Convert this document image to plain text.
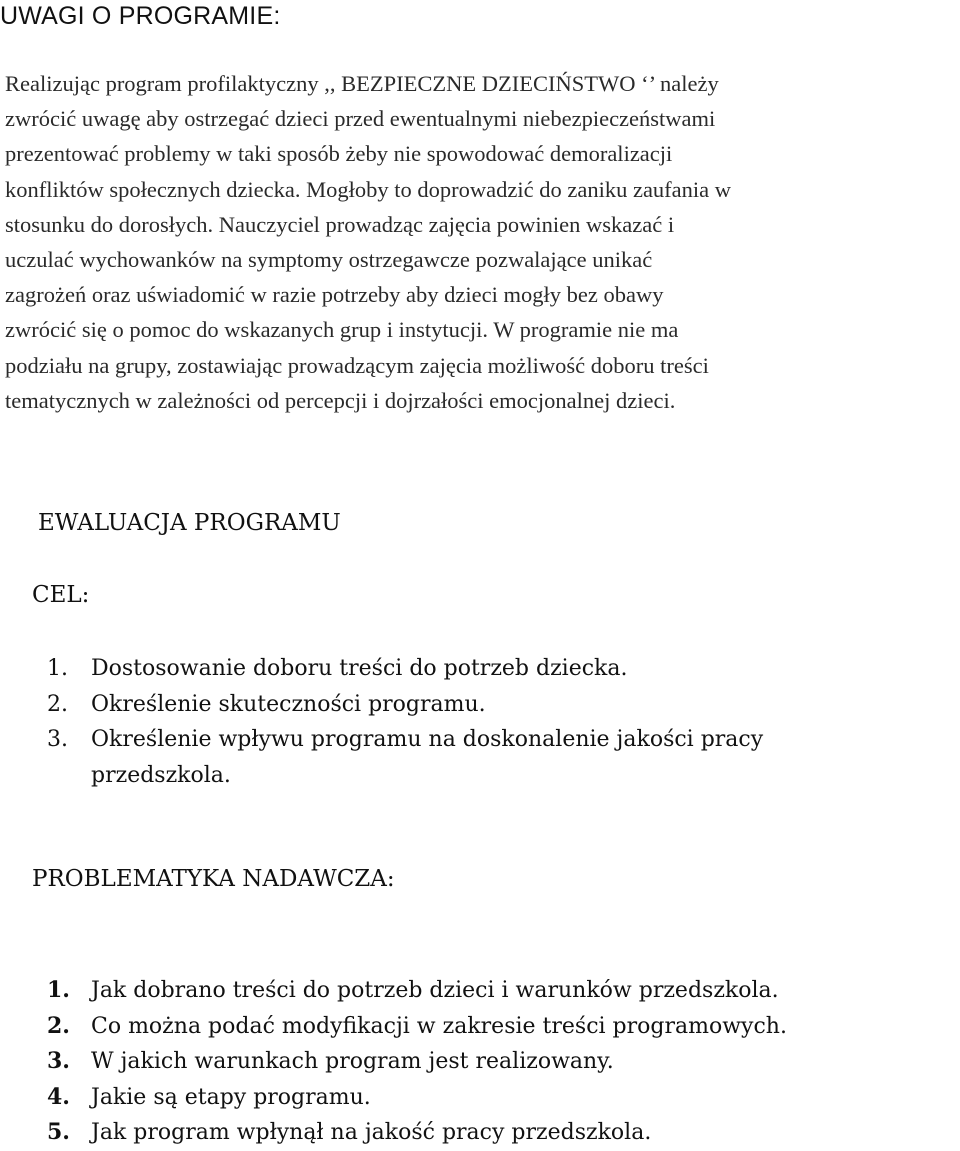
UWAGI O PROGRAMIE:

Realizując program profilaktyczny ,, BEZPIECZNE DZIECIŃSTWO ‘’ należy
zwrócić uwagę aby ostrzegać dzieci przed ewentualnymi niebezpieczeństwami
prezentować problemy w taki sposób żeby nie spowodować demoralizacji
konfliktów społecznych dziecka. Mogłoby to doprowadzić do zaniku zaufania w
stosunku do dorosłych. Nauczyciel prowadząc zajęcia powinien wskazać i
uczulać wychowanków na symptomy ostrzegawcze pozwalające unikać
zagrożeń oraz uświadomić w razie potrzeby aby dzieci mogły bez obawy
zwrócić się o pomoc do wskazanych grup i instytucji. W programie nie ma
podziału na grupy, zostawiając prowadzącym zajęcia możliwość doboru treści
tematycznych w zależności od percepcji i dojrzałości emocjonalnej dzieci.

EWALUACJA PROGRAMU
CEL:
1.	Dostosowanie doboru treści do potrzeb dziecka.
2.	Określenie skuteczności programu.
3.	Określenie wpływu programu na doskonalenie jakości pracy
przedszkola.
PROBLEMATYKA NADAWCZA:
1. Jak dobrano treści do potrzeb dzieci i warunków przedszkola.
2. Co można podać modyfikacji w zakresie treści programowych.
3. W jakich warunkach program jest realizowany.
4. Jakie są etapy programu.
5. Jak program wpłynął na jakość pracy przedszkola.
